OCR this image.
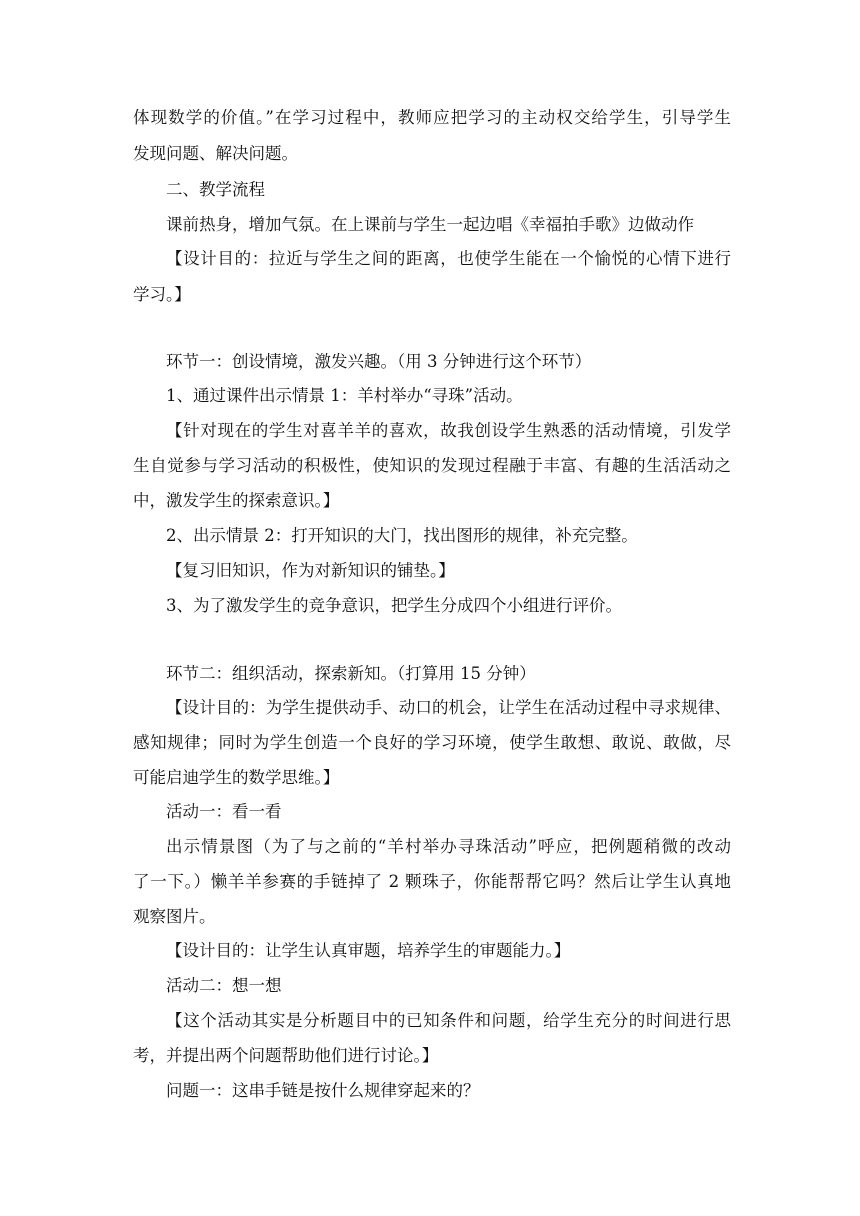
体现数学的价值。”在学习过程中，教师应把学习的主动权交给学生，引导学生
发现问题、解决问题。
二、教学流程
课前热身，增加气氛。在上课前与学生一起边唱《幸福拍手歌》边做动作
【设计目的：拉近与学生之间的距离，也使学生能在一个愉悦的心情下进行
学习。】
环节一：创设情境，激发兴趣。（用 3 分钟进行这个环节）
1、通过课件出示情景 1：羊村举办“寻珠”活动。
【针对现在的学生对喜羊羊的喜欢，故我创设学生熟悉的活动情境，引发学
生自觉参与学习活动的积极性，使知识的发现过程融于丰富、有趣的生活活动之
中，激发学生的探索意识。】
2、出示情景 2：打开知识的大门，找出图形的规律，补充完整。
【复习旧知识，作为对新知识的铺垫。】
3、为了激发学生的竞争意识，把学生分成四个小组进行评价。
环节二：组织活动，探索新知。（打算用 15 分钟）
【设计目的：为学生提供动手、动口的机会，让学生在活动过程中寻求规律、
感知规律；同时为学生创造一个良好的学习环境，使学生敢想、敢说、敢做，尽
可能启迪学生的数学思维。】
活动一：看一看
出示情景图（为了与之前的“羊村举办寻珠活动”呼应，把例题稍微的改动
了一下。）懒羊羊参赛的手链掉了 2 颗珠子，你能帮帮它吗？然后让学生认真地
观察图片。
【设计目的：让学生认真审题，培养学生的审题能力。】
活动二：想一想
【这个活动其实是分析题目中的已知条件和问题，给学生充分的时间进行思
考，并提出两个问题帮助他们进行讨论。】
问题一：这串手链是按什么规律穿起来的？
